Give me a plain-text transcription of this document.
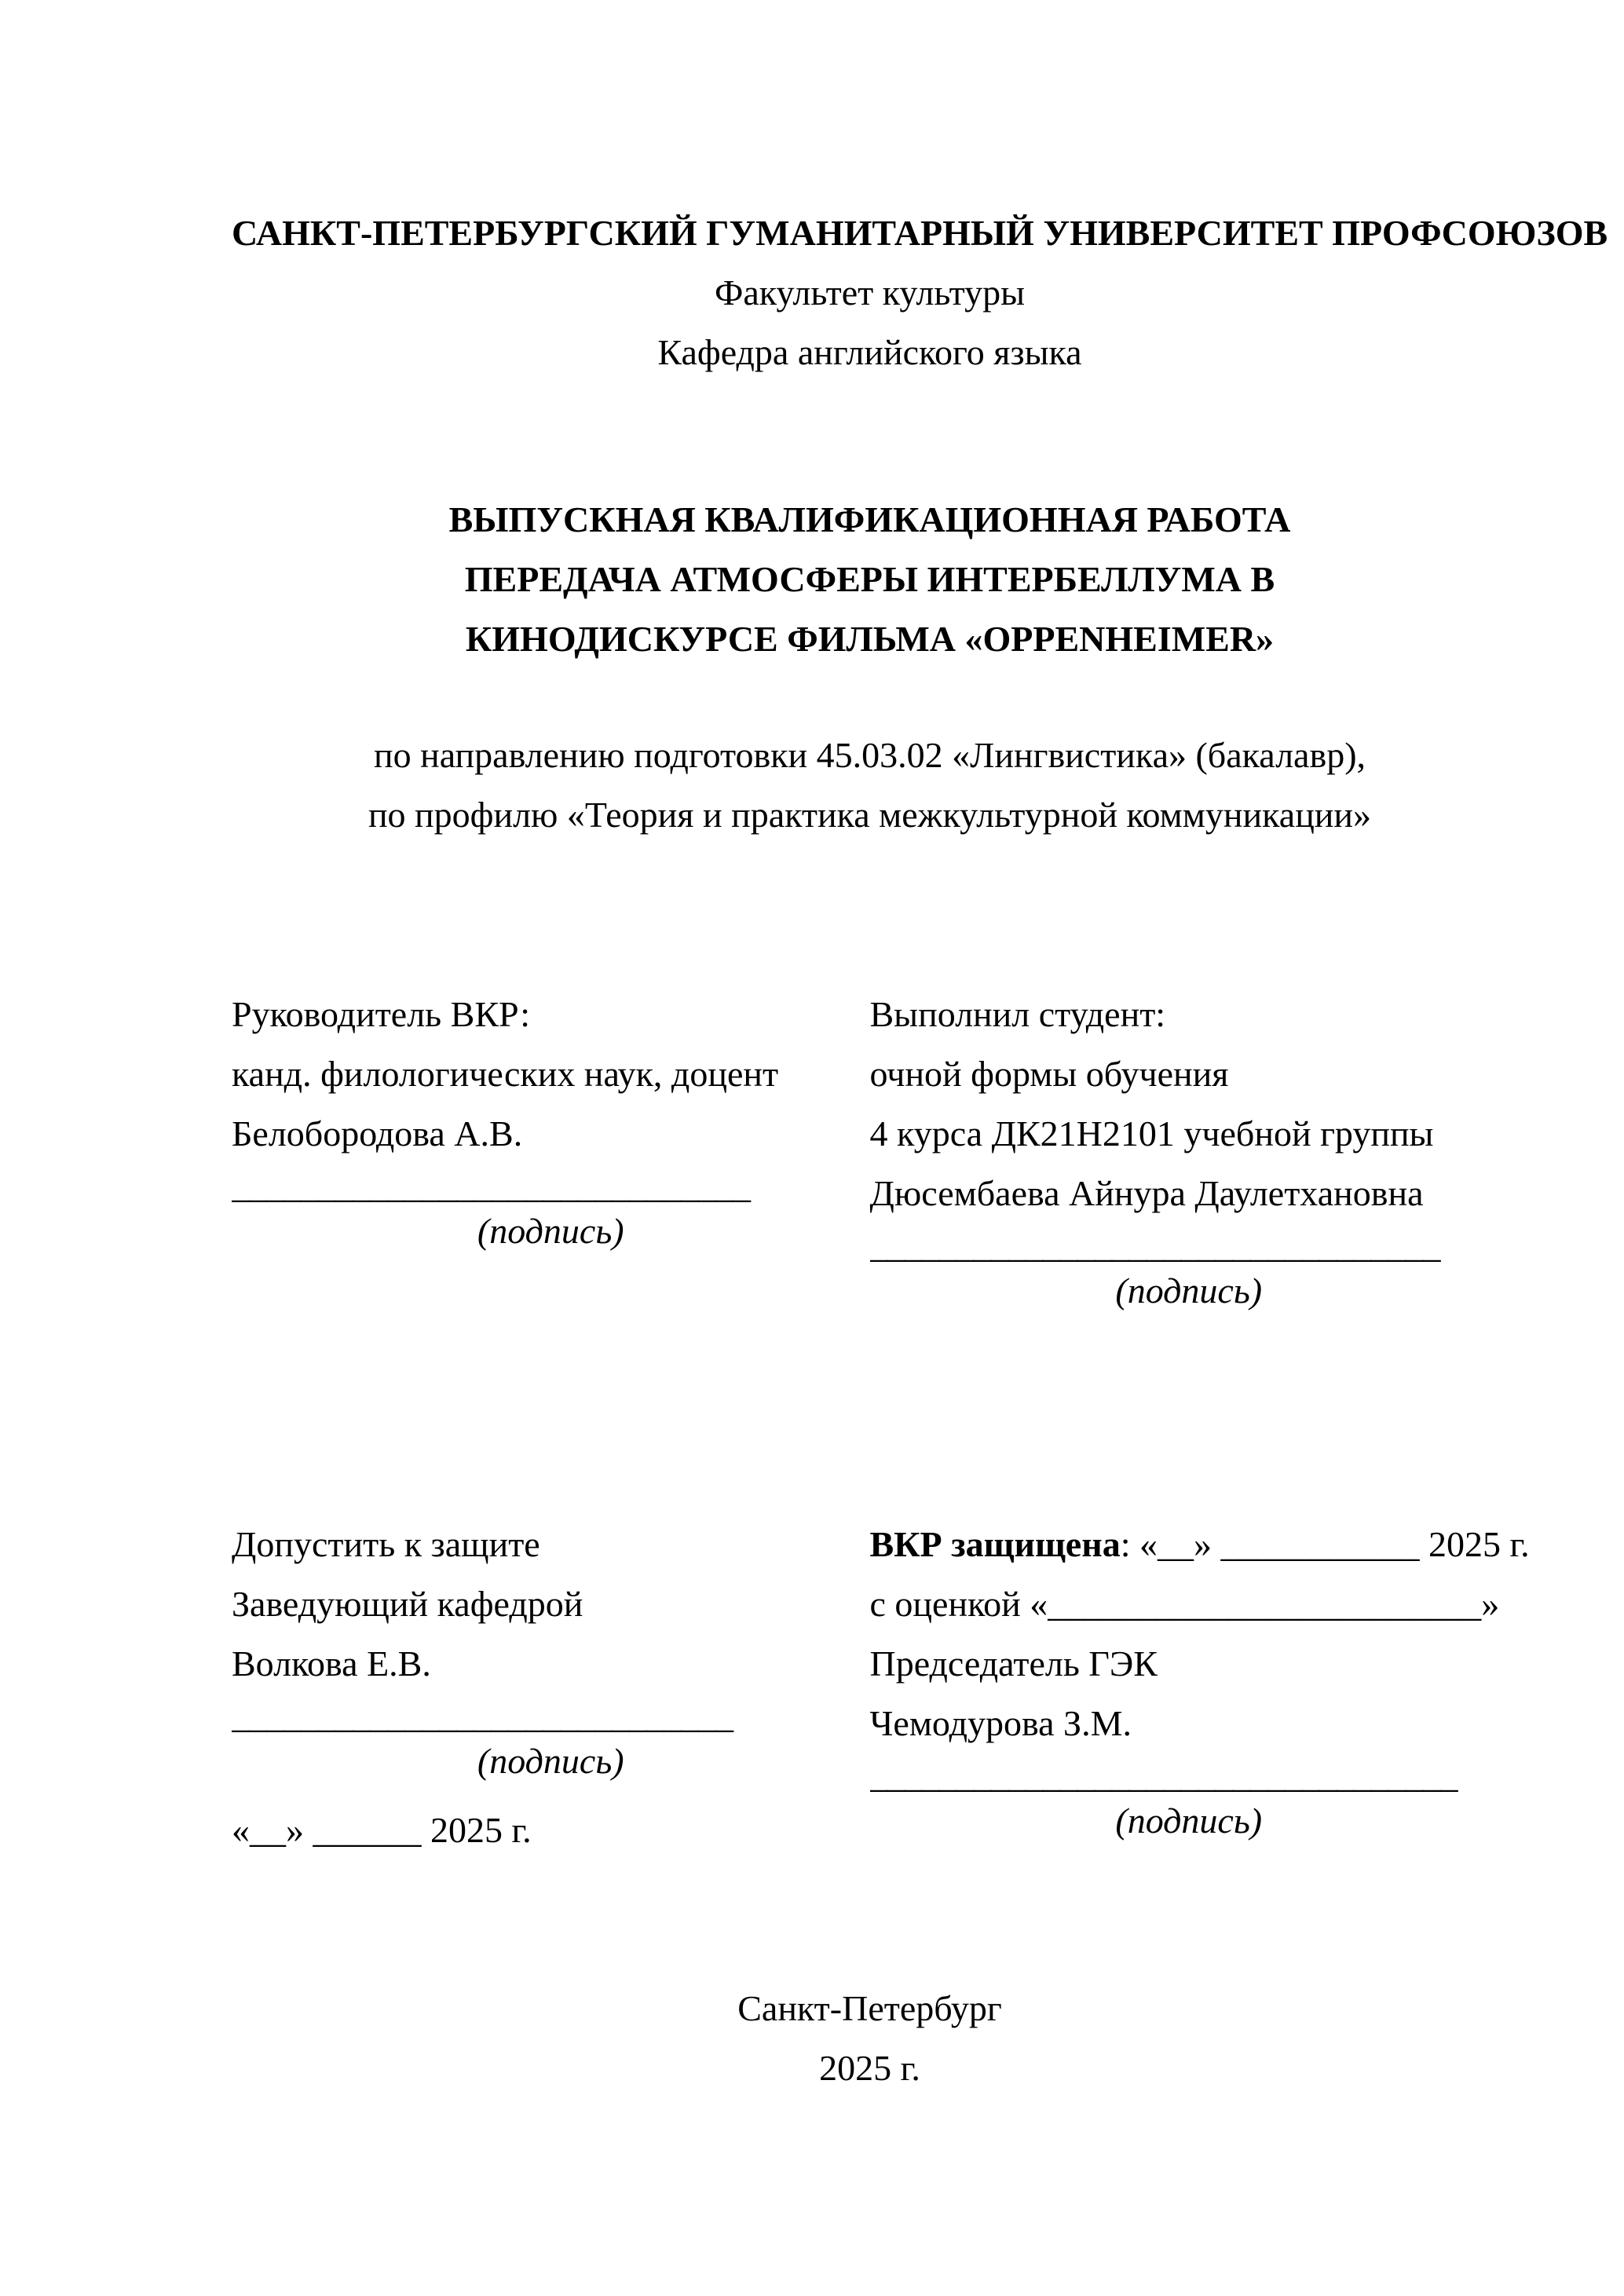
САНКТ-ПЕТЕРБУРГСКИЙ ГУМАНИТАРНЫЙ УНИВЕРСИТЕТ ПРОФСОЮЗОВ
Факультет культуры
Кафедра английского языка
ВЫПУСКНАЯ КВАЛИФИКАЦИОННАЯ РАБОТА
ПЕРЕДАЧА АТМОСФЕРЫ ИНТЕРБЕЛЛУМА В
КИНОДИСКУРСЕ ФИЛЬМА «OPPENHEIMER»
по направлению подготовки 45.03.02 «Лингвистика» (бакалавр),
по профилю «Теория и практика межкультурной коммуникации»
Руководитель ВКР:
канд. филологических наук, доцент
Белобородова А.В.
______________________________
(подпись)
Выполнил студент:
очной формы обучения
4 курса ДК21Н2101 учебной группы
Дюсембаева Айнура Даулетхановна
_________________________________
(подпись)
Допустить к защите
Заведующий кафедрой
Волкова Е.В.
_____________________________
(подпись)
«__» ______ 2025 г.
ВКР защищена: «__» ___________ 2025 г.
с оценкой «________________________»
Председатель ГЭК
Чемодурова З.М.
__________________________________
(подпись)
Санкт-Петербург
2025 г.
